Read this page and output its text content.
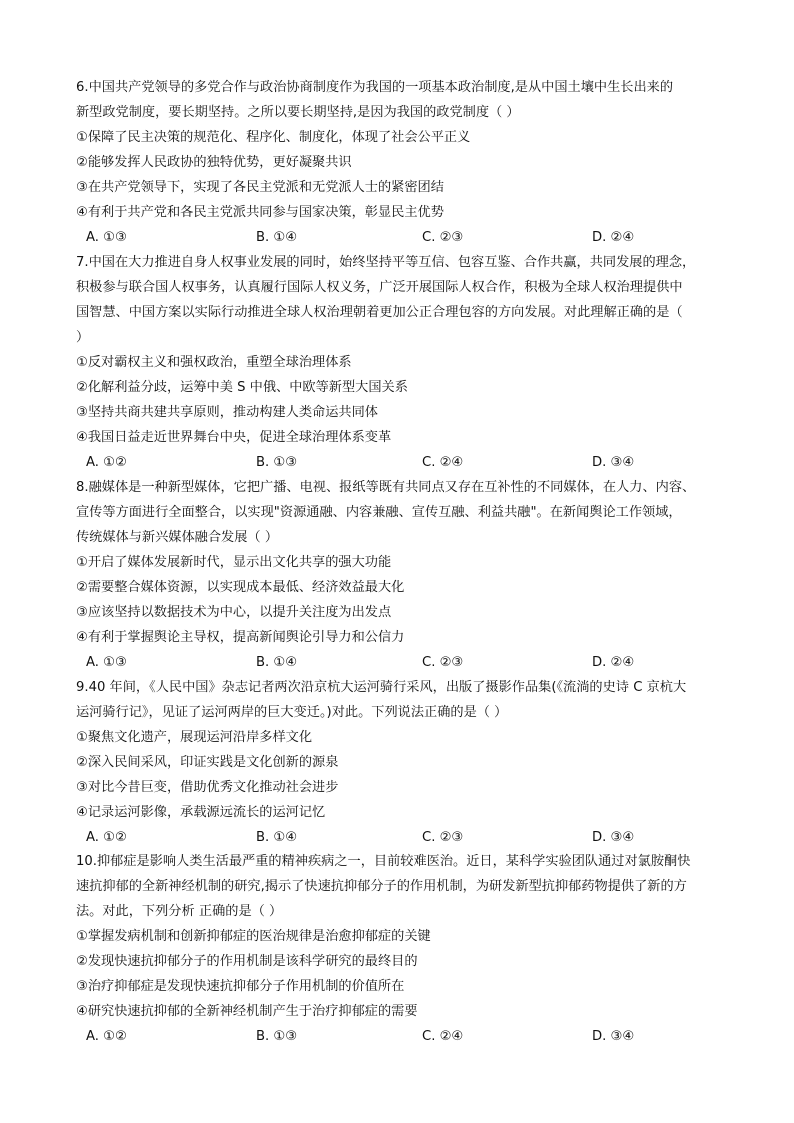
6.中国共产党领导的多党合作与政治协商制度作为我国的一项基本政治制度,是从中国土壤中生长出来的
新型政党制度，要长期坚持。之所以要长期坚持,是因为我国的政党制度（ ）
①保障了民主决策的规范化、程序化、制度化，体现了社会公平正义
②能够发挥人民政协的独特优势，更好凝聚共识
③在共产党领导下，实现了各民主党派和无党派人士的紧密团结
④有利于共产党和各民主党派共同参与国家决策，彰显民主优势
A. ①③	B. ①④	C. ②③	D. ②④
7.中国在大力推进自身人权事业发展的同时，始终坚持平等互信、包容互鉴、合作共赢，共同发展的理念，
积极参与联合国人权事务，认真履行国际人权义务，广泛开展国际人权合作，积极为全球人权治理提供中
国智慧、中国方案以实际行动推进全球人权治理朝着更加公正合理包容的方向发展。对此理解正确的是（
）
①反对霸权主义和强权政治，重塑全球治理体系
②化解利益分歧，运筹中美 S 中俄、中欧等新型大国关系
③坚持共商共建共享原则，推动构建人类命运共同体
④我国日益走近世界舞台中央，促进全球治理体系变革
A. ①②	B. ①③	C. ②④	D. ③④
8.融媒体是一种新型媒体，它把广播、电视、报纸等既有共同点又存在互补性的不同媒体，在人力、内容、
宣传等方面进行全面整合，以实现"资源通融、内容兼融、宣传互融、利益共融"。在新闻舆论工作领域，
传统媒体与新兴媒体融合发展（ ）
①开启了媒体发展新时代，显示出文化共享的强大功能
②需要整合媒体资源，以实现成本最低、经济效益最大化
③应该坚持以数据技术为中心，以提升关注度为出发点
④有利于掌握舆论主导权，提高新闻舆论引导力和公信力
A. ①③	B. ①④	C. ②③	D. ②④
9.40 年间，《人民中国》杂志记者两次沿京杭大运河骑行采风，出版了摄影作品集(《流淌的史诗 C 京杭大
运河骑行记》，见证了运河两岸的巨大变迁。)对此。下列说法正确的是（ ）
①聚焦文化遗产，展现运河沿岸多样文化
②深入民间采风，印证实践是文化创新的源泉
③对比今昔巨变，借助优秀文化推动社会进步
④记录运河影像，承载源远流长的运河记忆
A. ①②	B. ①④	C. ②③	D. ③④
10.抑郁症是影响人类生活最严重的精神疾病之一，目前较难医治。近日，某科学实验团队通过对氯胺酮快
速抗抑郁的全新神经机制的研究,揭示了快速抗抑郁分子的作用机制，为研发新型抗抑郁药物提供了新的方
法。对此，下列分析 正确的是（ ）
①掌握发病机制和创新抑郁症的医治规律是治愈抑郁症的关键
②发现快速抗抑郁分子的作用机制是该科学研究的最终目的
③治疗抑郁症是发现快速抗抑郁分子作用机制的价值所在
④研究快速抗抑郁的全新神经机制产生于治疗抑郁症的需要
A. ①②	B. ①③	C. ②④	D. ③④
